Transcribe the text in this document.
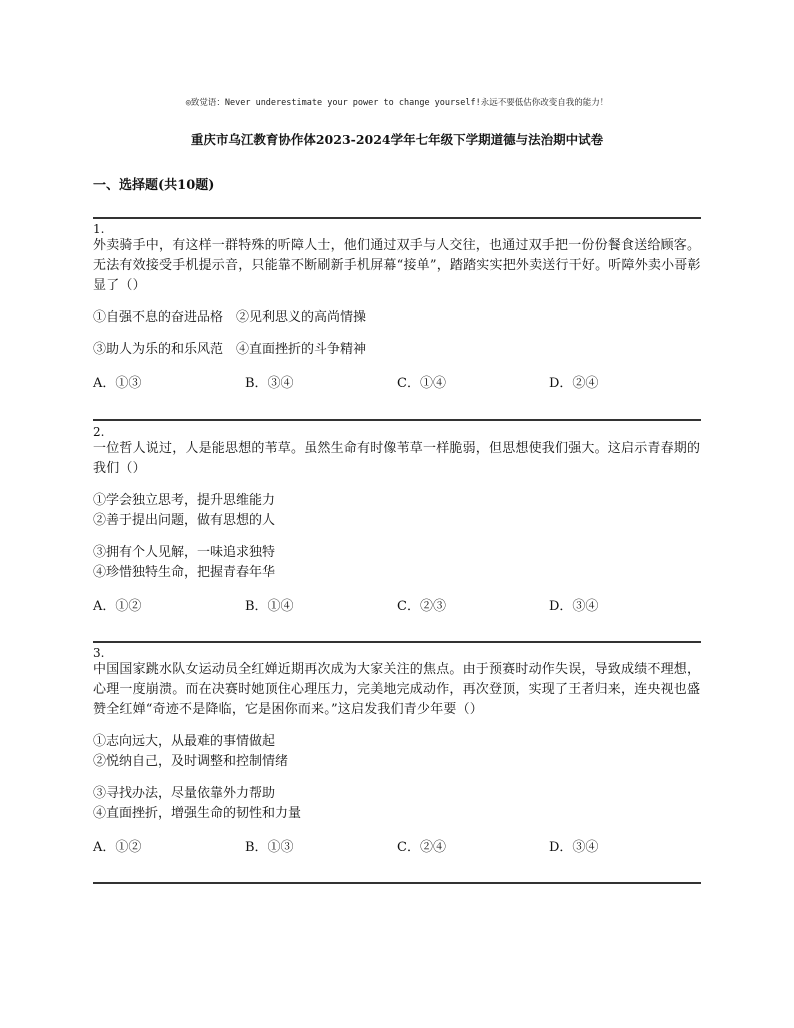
◎致觉语：Never underestimate your power to change yourself!永远不要低估你改变自我的能力！
重庆市乌江教育协作体2023-2024学年七年级下学期道德与法治期中试卷
一、选择题(共10题)
1.
外卖骑手中，有这样一群特殊的听障人士，他们通过双手与人交往，也通过双手把一份份餐食送给顾客。无法有效接受手机提示音，只能靠不断刷新手机屏幕“接单”，踏踏实实把外卖送行干好。听障外卖小哥彰显了（）
①自强不息的奋进品格　②见利思义的高尚情操
③助人为乐的和乐风范　④直面挫折的斗争精神
A．①③	B．③④	C．①④	D．②④
2.
一位哲人说过，人是能思想的苇草。虽然生命有时像苇草一样脆弱，但思想使我们强大。这启示青春期的我们（）
①学会独立思考，提升思维能力
②善于提出问题，做有思想的人
③拥有个人见解，一味追求独特
④珍惜独特生命，把握青春年华
A．①②	B．①④	C．②③	D．③④
3.
中国国家跳水队女运动员全红婵近期再次成为大家关注的焦点。由于预赛时动作失误，导致成绩不理想，心理一度崩溃。而在决赛时她顶住心理压力，完美地完成动作，再次登顶，实现了王者归来，连央视也盛赞全红婵“奇迹不是降临，它是困你而来。”这启发我们青少年要（）
①志向远大，从最难的事情做起
②悦纳自己，及时调整和控制情绪
③寻找办法，尽量依靠外力帮助
④直面挫折，增强生命的韧性和力量
A．①②	B．①③	C．②④	D．③④
